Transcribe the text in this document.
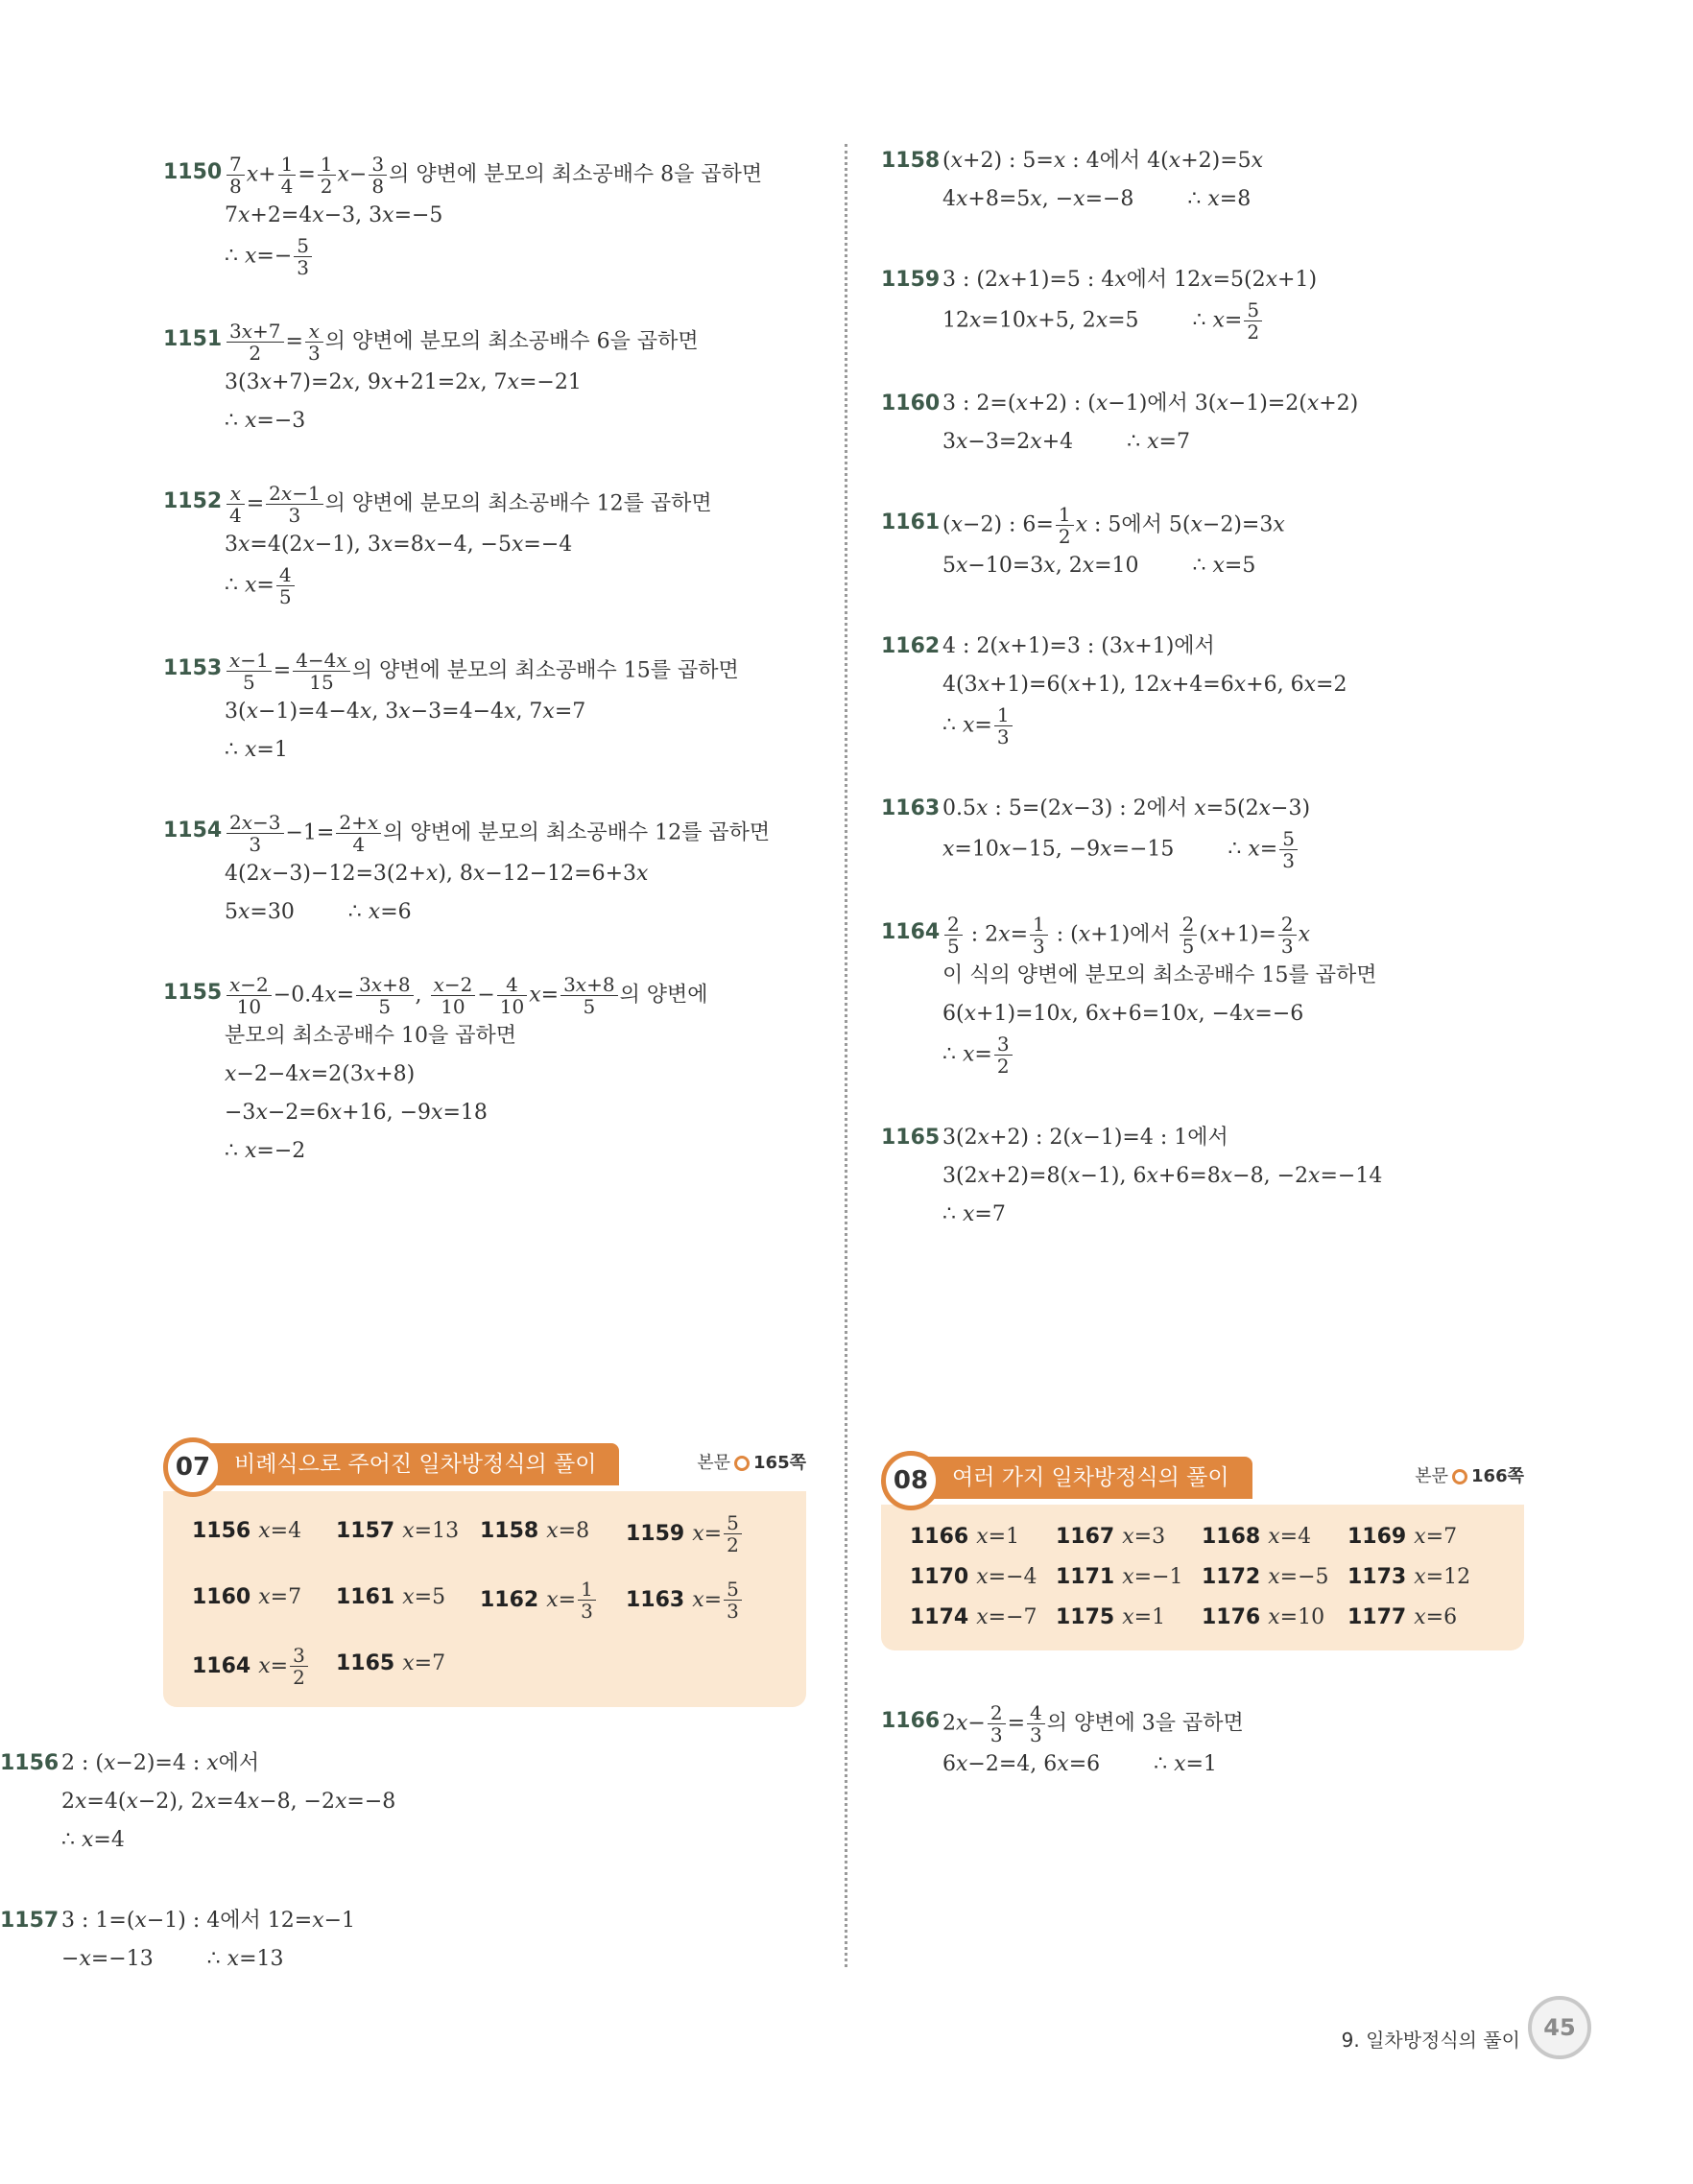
$1150 \frac{7}{8} x+ \frac{1}{4} = \frac{1}{2} x- \frac{3}{8}$ 의 양변에 분모의 최소공배수 8을 곱하면
7x+2=4x−3, 3x=−5
∴ $x=- \frac{5}{3}$
$1151 \frac{3x+7}{2} = \frac{x}{3}$ 의 양변에 분모의 최소공배수 6을 곱하면
3(3x+7)=2x, 9x+21=2x, 7x=−21
∴ x=−3
$1152 \frac{x}{4} = \frac{2x-1}{3}$ 의 양변에 분모의 최소공배수 12를 곱하면
3x=4(2x−1), 3x=8x−4, −5x=−4
∴ $x= \frac{4}{5}$
$1153 \frac{x-1}{5} = \frac{4-4x}{15}$ 의 양변에 분모의 최소공배수 15를 곱하면
3(x−1)=4−4x, 3x−3=4−4x, 7x=7
∴ x=1
$1154 \frac{2x-3}{3} -1= \frac{2+x}{4}$ 의 양변에 분모의 최소공배수 12를 곱하면
4(2x−3)−12=3(2+x), 8x−12−12=6+3x
5x=30        ∴ x=6
$1155 \frac{x-2}{10} -0.4x= \frac{3x+8}{5}$ , $\frac{x-2}{10} - \frac{4}{10} x= \frac{3x+8}{5}$ 의 양변에
분모의 최소공배수 10을 곱하면
x−2−4x=2(3x+8)
−3x−2=6x+16, −9x=18
∴ x=−2
07	비례식으로 주어진 일차방정식의 풀이	본문 165쪽
1156 x=4	1157 x=13 1158 x=8	1159 $x= \frac{5}{2}$
1160 x=7	1161 x=5	1162 $x= \frac{1}{3} 1163$ $x= \frac{5}{3}$
1164 $x= \frac{3}{2} 1165$ x=7
1156 2 : (x−2)=4 : x에서
2x=4(x−2), 2x=4x−8, −2x=−8
∴ x=4
1157 3 : 1=(x−1) : 4에서 12=x−1
−x=−13        ∴ x=13
1158 (x+2) : 5=x : 4에서 4(x+2)=5x
4x+8=5x, −x=−8        ∴ x=8
1159 3 : (2x+1)=5 : 4x에서 12x=5(2x+1)
12x=10x+5, 2x=5        ∴ $x= \frac{5}{2}$
1160 3 : 2=(x+2) : (x−1)에서 3(x−1)=2(x+2)
3x−3=2x+4        ∴ x=7
1161 (x−2) : $6= \frac{1}{2}$ x : 5에서 5(x−2)=3x
5x−10=3x, 2x=10        ∴ x=5
1162 4 : 2(x+1)=3 : (3x+1)에서
4(3x+1)=6(x+1), 12x+4=6x+6, 6x=2
∴ $x= \frac{1}{3}$
1163 0.5x : 5=(2x−3) : 2에서 x=5(2x−3)
x=10x−15, −9x=−15        ∴ $x= \frac{5}{3}$
$1164 \frac{2}{5}$ : $2x= \frac{1}{3}$ : (x+1)에서 $\frac{2}{5} (x+1)= \frac{2}{3}$ x
이 식의 양변에 분모의 최소공배수 15를 곱하면
6(x+1)=10x, 6x+6=10x, −4x=−6
∴ $x= \frac{3}{2}$
1165 3(2x+2) : 2(x−1)=4 : 1에서
3(2x+2)=8(x−1), 6x+6=8x−8, −2x=−14
∴ x=7
08	여러 가지 일차방정식의 풀이	본문 166쪽
1166 x=1	1167 x=3	1168 x=4	1169 x=7
1170 x=−4 1171 x=−1 1172 x=−5 1173 x=12
1174 x=−7 1175 x=1	1176 x=10	1177 x=6
1166 $2x- \frac{2}{3} = \frac{4}{3}$ 의 양변에 3을 곱하면
6x−2=4, 6x=6        ∴ x=1
9. 일차방정식의 풀이	45
